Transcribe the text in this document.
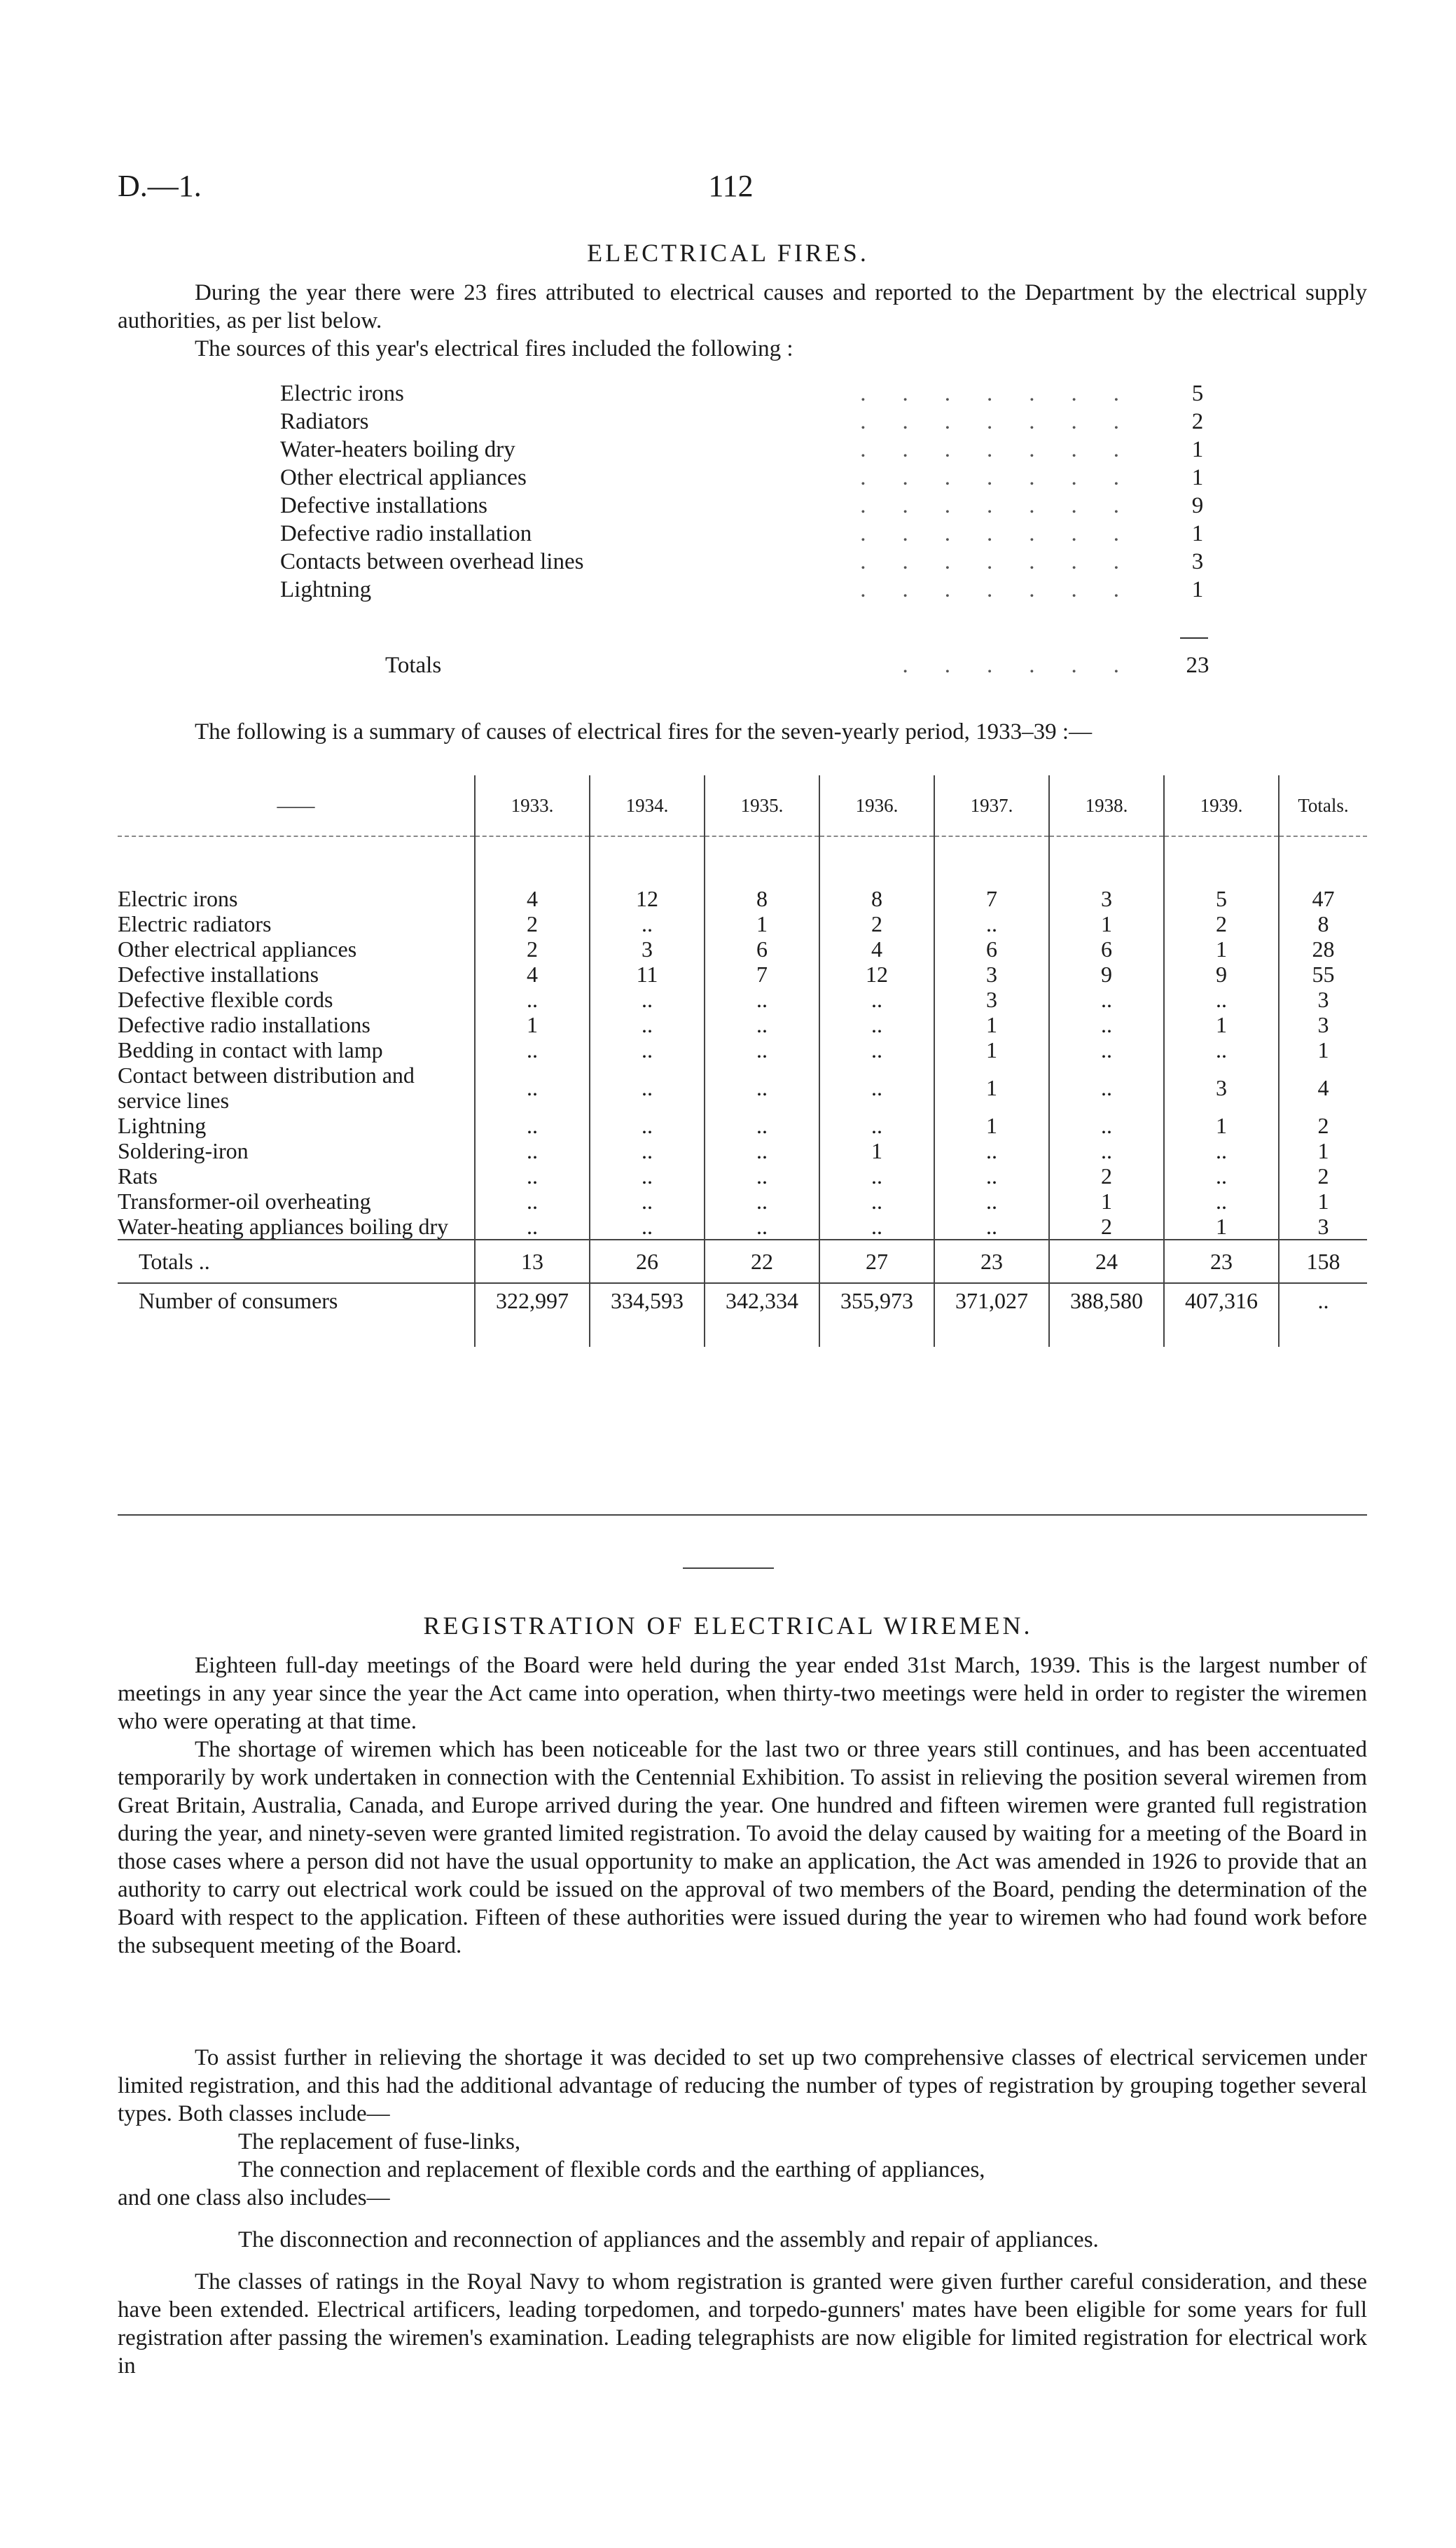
D.—1.	112
ELECTRICAL FIRES.

During the year there were 23 fires attributed to electrical causes and reported to the Department by the electrical supply authorities, as per list below.

The sources of this year's electrical fires included the following :

.......
Electric irons	5
.......
Radiators	2
.......
Water-heaters boiling dry	1
.......
Other electrical appliances	1
.......
Defective installations	9
.......
Defective radio installation	1
.......
Contacts between overhead lines	3
.......
Lightning	1
......
Totals	23

The following is a summary of causes of electrical fires for the seven-yearly period, 1933–39 :—

——	1933.	1934.	1935.	1936.	1937.	1938.	1939.	Totals.

Electric irons	4	12	8	8	7	3	5	47
Electric radiators	2	..	1	2	..	1	2	8
Other electrical appliances	2	3	6	4	6	6	1	28
Defective installations	4	11	7	12	3	9	9	55
Defective flexible cords	..	..	..	..	3	..	..	3
Defective radio installations	1	..	..	..	1	..	1	3
Bedding in contact with lamp	..	..	..	..	1	..	..	1
Contact between distribution and service lines	..	..	..	..	1	..	3	4
Lightning	..	..	..	..	1	..	1	2
Soldering-iron	..	..	..	1	..	..	..	1
Rats	..	..	..	..	..	2	..	2
Transformer-oil overheating	..	..	..	..	..	1	..	1
Water-heating appliances boiling dry	..	..	..	..	..	2	1	3
Totals ..	13	26	22	27	23	24	23	158
Number of consumers	322,997	334,593	342,334	355,973	371,027	388,580	407,316	..
REGISTRATION OF ELECTRICAL WIREMEN.

Eighteen full-day meetings of the Board were held during the year ended 31st March, 1939. This is the largest number of meetings in any year since the year the Act came into operation, when thirty-two meetings were held in order to register the wiremen who were operating at that time.

The shortage of wiremen which has been noticeable for the last two or three years still continues, and has been accentuated temporarily by work undertaken in connection with the Centennial Exhibition. To assist in relieving the position several wiremen from Great Britain, Australia, Canada, and Europe arrived during the year. One hundred and fifteen wiremen were granted full registration during the year, and ninety-seven were granted limited registration. To avoid the delay caused by waiting for a meeting of the Board in those cases where a person did not have the usual opportunity to make an application, the Act was amended in 1926 to provide that an authority to carry out electrical work could be issued on the approval of two members of the Board, pending the determination of the Board with respect to the application. Fifteen of these authorities were issued during the year to wiremen who had found work before the subsequent meeting of the Board.

To assist further in relieving the shortage it was decided to set up two comprehensive classes of electrical servicemen under limited registration, and this had the additional advantage of reducing the number of types of registration by grouping together several types. Both classes include—

The replacement of fuse-links,
The connection and replacement of flexible cords and the earthing of appliances,

and one class also includes—

The disconnection and reconnection of appliances and the assembly and repair of appliances.

The classes of ratings in the Royal Navy to whom registration is granted were given further careful consideration, and these have been extended. Electrical artificers, leading torpedomen, and torpedo-gunners' mates have been eligible for some years for full registration after passing the wiremen's examination. Leading telegraphists are now eligible for limited registration for electrical work in
